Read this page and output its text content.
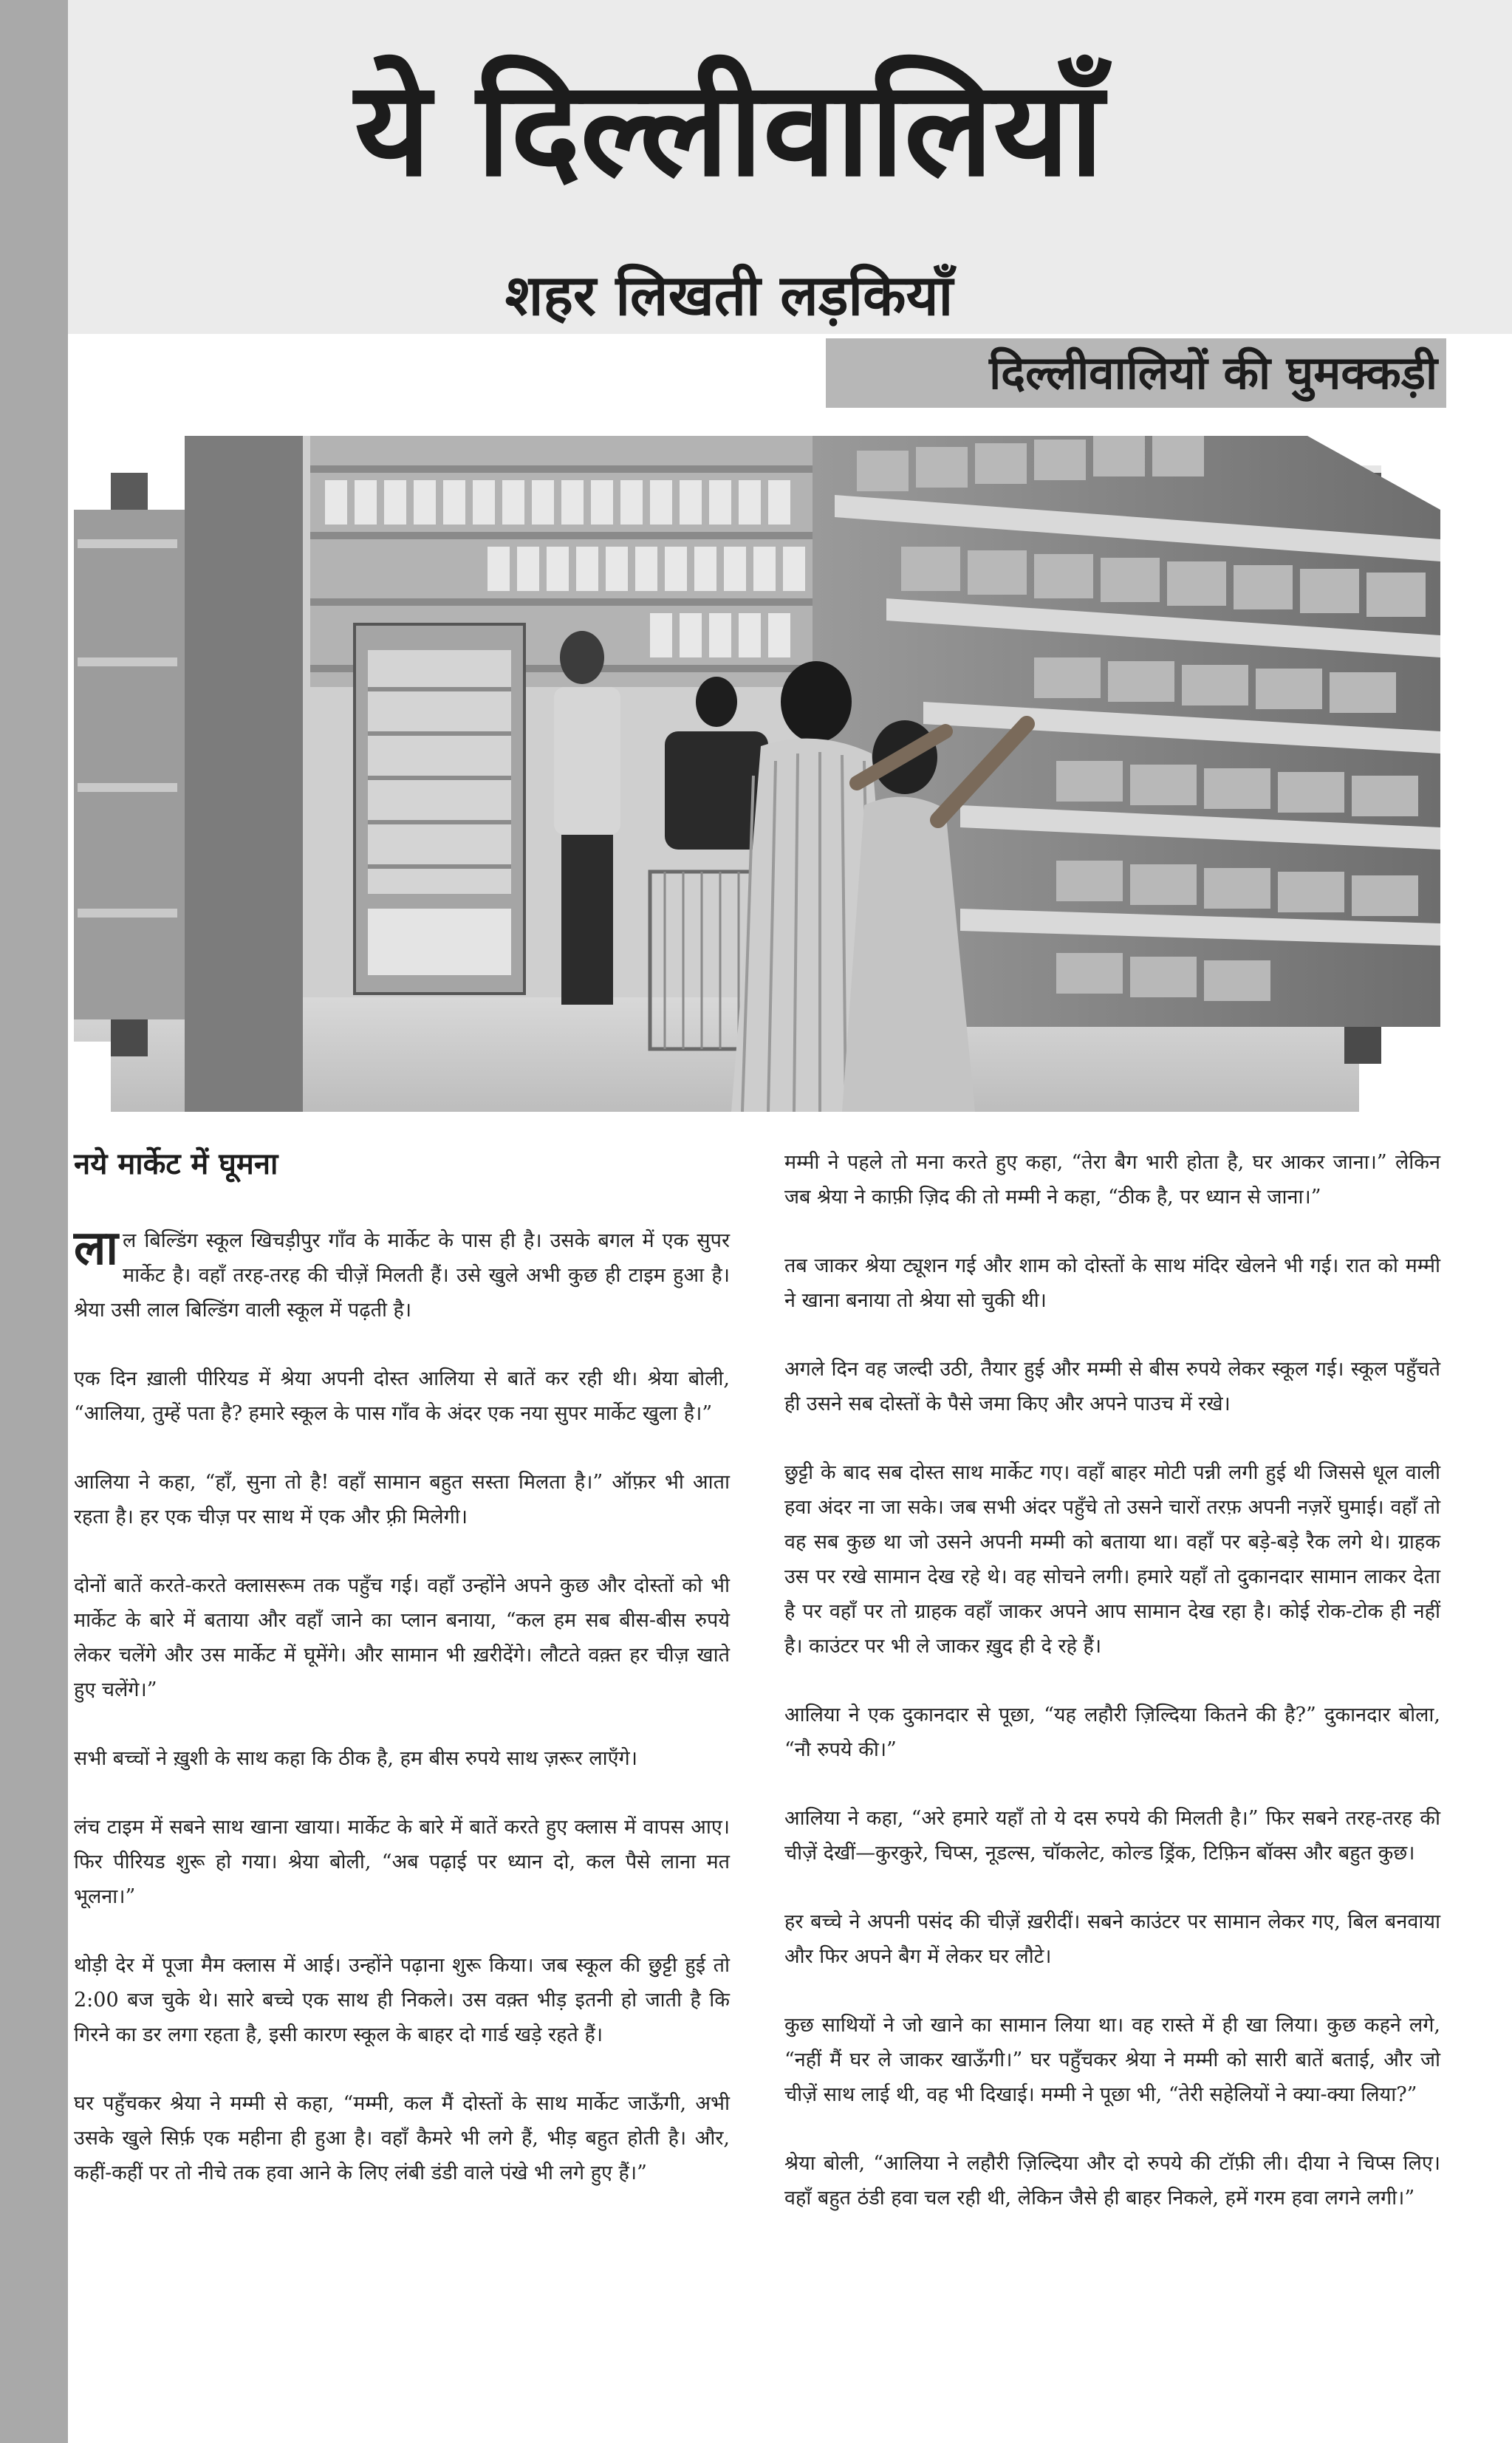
ये दिल्लीवालियाँ
शहर लिखती लड़कियाँ
दिल्लीवालियों की घुमक्कड़ी
नये मार्केट में घूमना

लाल बिल्डिंग स्कूल खिचड़ीपुर गाँव के मार्केट के पास ही है। उसके बगल में एक सुपर मार्केट है। वहाँ तरह-तरह की चीज़ें मिलती हैं। उसे खुले अभी कुछ ही टाइम हुआ है। श्रेया उसी लाल बिल्डिंग वाली स्कूल में पढ़ती है।

एक दिन ख़ाली पीरियड में श्रेया अपनी दोस्त आलिया से बातें कर रही थी। श्रेया बोली, “आलिया, तुम्हें पता है? हमारे स्कूल के पास गाँव के अंदर एक नया सुपर मार्केट खुला है।”

आलिया ने कहा, “हाँ, सुना तो है! वहाँ सामान बहुत सस्ता मिलता है।” ऑफ़र भी आता रहता है। हर एक चीज़ पर साथ में एक और फ़्री मिलेगी।

दोनों बातें करते-करते क्लासरूम तक पहुँच गई। वहाँ उन्होंने अपने कुछ और दोस्तों को भी मार्केट के बारे में बताया और वहाँ जाने का प्लान बनाया, “कल हम सब बीस-बीस रुपये लेकर चलेंगे और उस मार्केट में घूमेंगे। और सामान भी ख़रीदेंगे। लौटते वक़्त हर चीज़ खाते हुए चलेंगे।”

सभी बच्चों ने ख़ुशी के साथ कहा कि ठीक है, हम बीस रुपये साथ ज़रूर लाएँगे।

लंच टाइम में सबने साथ खाना खाया। मार्केट के बारे में बातें करते हुए क्लास में वापस आए। फिर पीरियड शुरू हो गया। श्रेया बोली, “अब पढ़ाई पर ध्यान दो, कल पैसे लाना मत भूलना।”

थोड़ी देर में पूजा मैम क्लास में आई। उन्होंने पढ़ाना शुरू किया। जब स्कूल की छुट्टी हुई तो 2:00 बज चुके थे। सारे बच्चे एक साथ ही निकले। उस वक़्त भीड़ इतनी हो जाती है कि गिरने का डर लगा रहता है, इसी कारण स्कूल के बाहर दो गार्ड खड़े रहते हैं।

घर पहुँचकर श्रेया ने मम्मी से कहा, “मम्मी, कल मैं दोस्तों के साथ मार्केट जाऊँगी, अभी उसके खुले सिर्फ़ एक महीना ही हुआ है। वहाँ कैमरे भी लगे हैं, भीड़ बहुत होती है। और, कहीं-कहीं पर तो नीचे तक हवा आने के लिए लंबी डंडी वाले पंखे भी लगे हुए हैं।”

मम्मी ने पहले तो मना करते हुए कहा, “तेरा बैग भारी होता है, घर आकर जाना।” लेकिन जब श्रेया ने काफ़ी ज़िद की तो मम्मी ने कहा, “ठीक है, पर ध्यान से जाना।”

तब जाकर श्रेया ट्यूशन गई और शाम को दोस्तों के साथ मंदिर खेलने भी गई। रात को मम्मी ने खाना बनाया तो श्रेया सो चुकी थी।

अगले दिन वह जल्दी उठी, तैयार हुई और मम्मी से बीस रुपये लेकर स्कूल गई। स्कूल पहुँचते ही उसने सब दोस्तों के पैसे जमा किए और अपने पाउच में रखे।

छुट्टी के बाद सब दोस्त साथ मार्केट गए। वहाँ बाहर मोटी पन्नी लगी हुई थी जिससे धूल वाली हवा अंदर ना जा सके। जब सभी अंदर पहुँचे तो उसने चारों तरफ़ अपनी नज़रें घुमाई। वहाँ तो वह सब कुछ था जो उसने अपनी मम्मी को बताया था। वहाँ पर बड़े-बड़े रैक लगे थे। ग्राहक उस पर रखे सामान देख रहे थे। वह सोचने लगी। हमारे यहाँ तो दुकानदार सामान लाकर देता है पर वहाँ पर तो ग्राहक वहाँ जाकर अपने आप सामान देख रहा है। कोई रोक-टोक ही नहीं है। काउंटर पर भी ले जाकर ख़ुद ही दे रहे हैं।

आलिया ने एक दुकानदार से पूछा, “यह लहौरी ज़िल्दिया कितने की है?” दुकानदार बोला, “नौ रुपये की।”

आलिया ने कहा, “अरे हमारे यहाँ तो ये दस रुपये की मिलती है।” फिर सबने तरह-तरह की चीज़ें देखीं—कुरकुरे, चिप्स, नूडल्स, चॉकलेट, कोल्ड ड्रिंक, टिफ़िन बॉक्स और बहुत कुछ।

हर बच्चे ने अपनी पसंद की चीज़ें ख़रीदीं। सबने काउंटर पर सामान लेकर गए, बिल बनवाया और फिर अपने बैग में लेकर घर लौटे।

कुछ साथियों ने जो खाने का सामान लिया था। वह रास्ते में ही खा लिया। कुछ कहने लगे, “नहीं मैं घर ले जाकर खाऊँगी।” घर पहुँचकर श्रेया ने मम्मी को सारी बातें बताई, और जो चीज़ें साथ लाई थी, वह भी दिखाई। मम्मी ने पूछा भी, “तेरी सहेलियों ने क्या-क्या लिया?”

श्रेया बोली, “आलिया ने लहौरी ज़िल्दिया और दो रुपये की टॉफ़ी ली। दीया ने चिप्स लिए। वहाँ बहुत ठंडी हवा चल रही थी, लेकिन जैसे ही बाहर निकले, हमें गरम हवा लगने लगी।”
